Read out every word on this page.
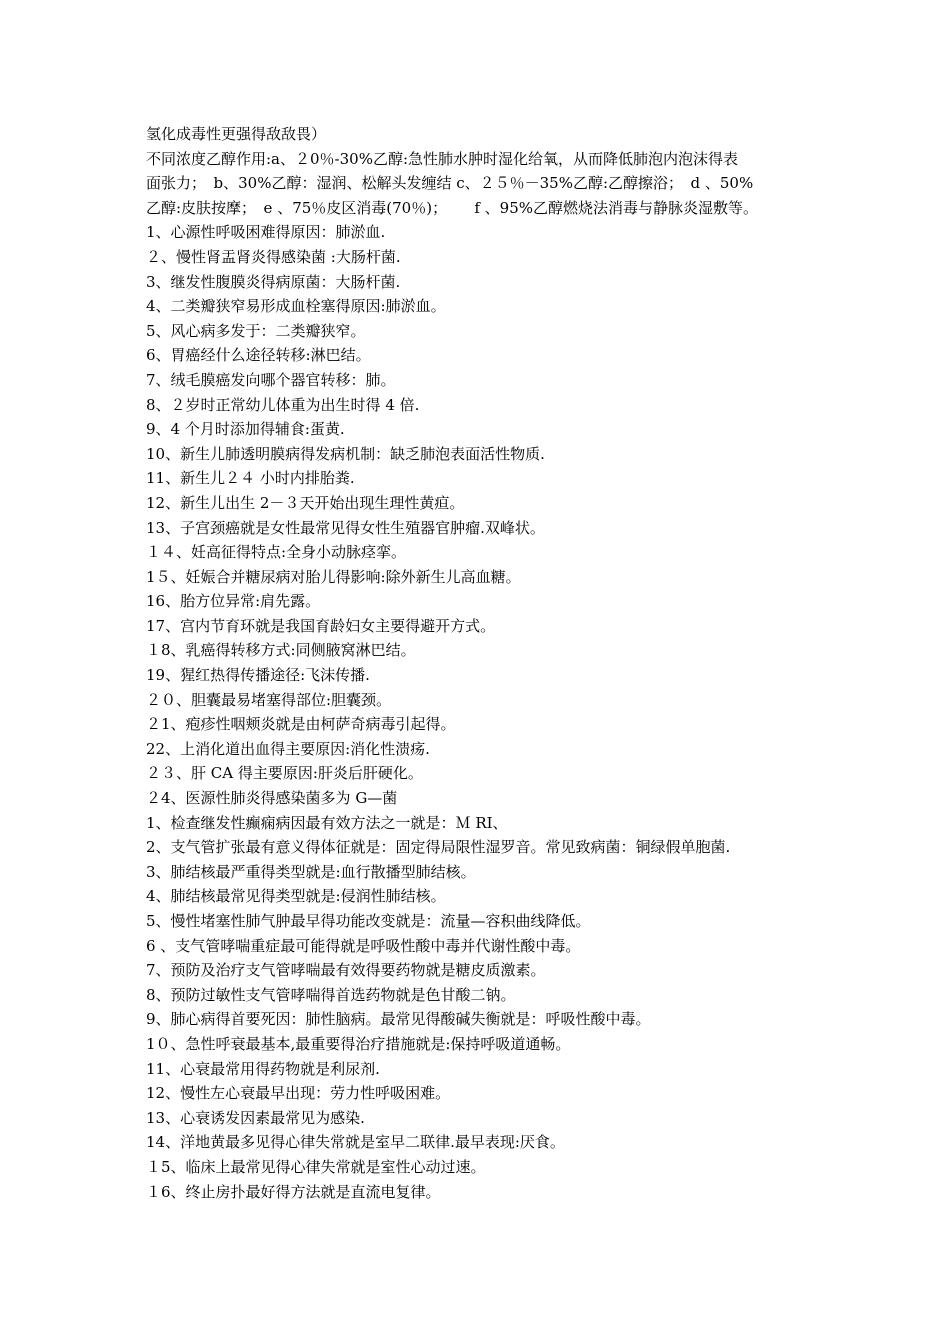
氢化成毒性更强得敌敌畏）
不同浓度乙醇作用:a、２0％-30%乙醇:急性肺水肿时湿化给氧，从而降低肺泡内泡沫得表
面张力；　b、30%乙醇：湿润、松解头发缠结 c、２５％－35%乙醇:乙醇擦浴；　d 、50%
乙醇:皮肤按摩；　e 、75％皮区消毒(70％)；　　 f 、95%乙醇燃烧法消毒与静脉炎湿敷等。
1、心源性呼吸困难得原因：肺淤血.
２、慢性肾盂肾炎得感染菌 :大肠杆菌.
3、继发性腹膜炎得病原菌：大肠杆菌.
4、二类瓣狭窄易形成血栓塞得原因:肺淤血。
5、风心病多发于：二类瓣狭窄。
6、胃癌经什么途径转移:淋巴结。
7、绒毛膜癌发向哪个器官转移：肺。
8、２岁时正常幼儿体重为出生时得 4 倍.
9、4 个月时添加得辅食:蛋黄.
10、新生儿肺透明膜病得发病机制：缺乏肺泡表面活性物质.
11、新生儿２４ 小时内排胎粪.
12、新生儿出生 2－３天开始出现生理性黄疸。
13、子宫颈癌就是女性最常见得女性生殖器官肿瘤.双峰状。
１４、妊高征得特点:全身小动脉痉挛。
1５、妊娠合并糖尿病对胎儿得影响:除外新生儿高血糖。
16、胎方位异常:肩先露。
17、宫内节育环就是我国育龄妇女主要得避开方式。
１8、乳癌得转移方式:同侧腋窝淋巴结。
19、猩红热得传播途径:飞沫传播.
２０、胆囊最易堵塞得部位:胆囊颈。
２1、疱疹性咽颊炎就是由柯萨奇病毒引起得。
22、上消化道出血得主要原因:消化性溃疡.
２３、肝 CA 得主要原因:肝炎后肝硬化。
２4、医源性肺炎得感染菌多为 G—菌
1、检查继发性癫痫病因最有效方法之一就是：Ｍ RI、
2、支气管扩张最有意义得体征就是：固定得局限性湿罗音。常见致病菌：铜绿假单胞菌.
3、肺结核最严重得类型就是:血行散播型肺结核。
4、肺结核最常见得类型就是:侵润性肺结核。
5、慢性堵塞性肺气肿最早得功能改变就是：流量—容积曲线降低。
6 、支气管哮喘重症最可能得就是呼吸性酸中毒并代谢性酸中毒。
7、预防及治疗支气管哮喘最有效得要药物就是糖皮质激素。
8、预防过敏性支气管哮喘得首选药物就是色甘酸二钠。
9、肺心病得首要死因：肺性脑病。最常见得酸碱失衡就是：呼吸性酸中毒。
1０、急性呼衰最基本,最重要得治疗措施就是:保持呼吸道通畅。
11、心衰最常用得药物就是利尿剂.
12、慢性左心衰最早出现：劳力性呼吸困难。
13、心衰诱发因素最常见为感染.
14、洋地黄最多见得心律失常就是室早二联律.最早表现:厌食。
１5、临床上最常见得心律失常就是室性心动过速。
１6、终止房扑最好得方法就是直流电复律。
